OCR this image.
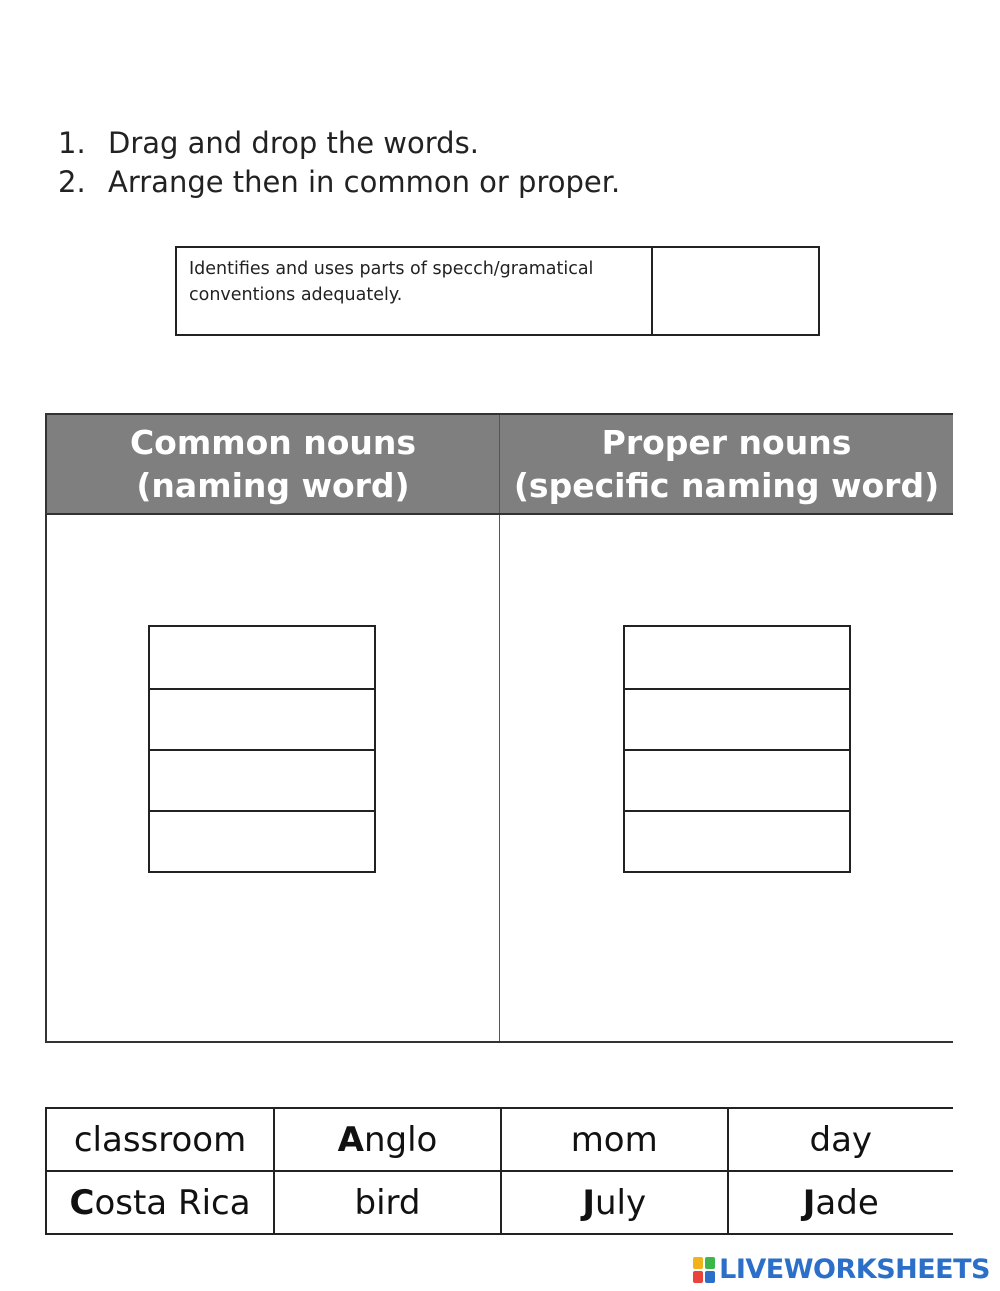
1. Drag and drop the words.
2. Arrange then in common or proper.
Identifies and uses parts of specch/gramatical conventions adequately.
Common nouns
(naming word)
Proper nouns
(specific naming word)
classroom	Anglo	mom	day
Costa Rica	bird	July	Jade
LIVEWORKSHEETS
